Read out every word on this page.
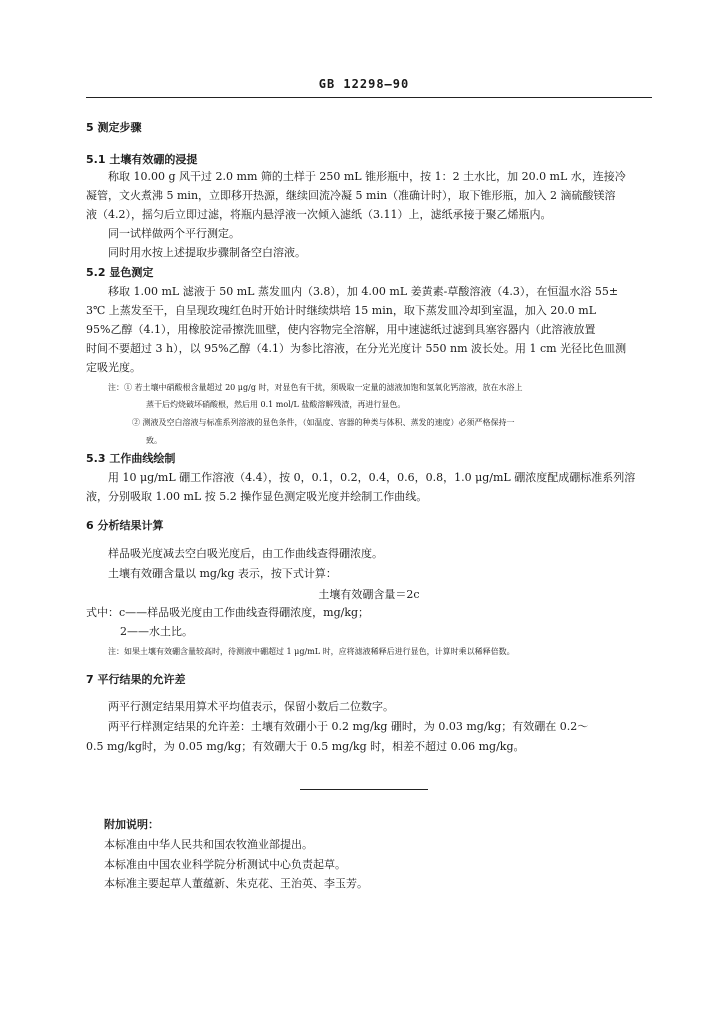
GB 12298—90
5 测定步骤
5.1 土壤有效硼的浸提
称取 10.00 g 风干过 2.0 mm 筛的土样于 250 mL 锥形瓶中，按 1：2 土水比，加 20.0 mL 水，连接冷
凝管，文火煮沸 5 min，立即移开热源，继续回流冷凝 5 min（准确计时），取下锥形瓶，加入 2 滴硫酸镁溶
液（4.2），摇匀后立即过滤，将瓶内悬浮液一次倾入滤纸（3.11）上，滤纸承接于聚乙烯瓶内。
同一试样做两个平行测定。
同时用水按上述提取步骤制备空白溶液。
5.2 显色测定
移取 1.00 mL 滤液于 50 mL 蒸发皿内（3.8），加 4.00 mL 姜黄素-草酸溶液（4.3），在恒温水浴 55±
3℃ 上蒸发至干，自呈现玫瑰红色时开始计时继续烘培 15 min，取下蒸发皿冷却到室温，加入 20.0 mL
95%乙醇（4.1），用橡胶淀帚擦洗皿壁，使内容物完全溶解，用中速滤纸过滤到具塞容器内（此溶液放置
时间不要超过 3 h），以 95%乙醇（4.1）为参比溶液，在分光光度计 550 nm 波长处。用 1 cm 光径比色皿测
定吸光度。
注：① 若土壤中硝酸根含量超过 20 μg/g 时，对显色有干扰，须吸取一定量的滤液加饱和氢氧化钙溶液，放在水浴上
蒸干后灼烧破坏硝酸根，然后用 0.1 mol/L 盐酸溶解残渣，再进行显色。
② 测液及空白溶液与标准系列溶液的显色条件，（如温度、容器的种类与体积、蒸发的速度）必须严格保持一
致。
5.3 工作曲线绘制
用 10 μg/mL 硼工作溶液（4.4），按 0，0.1，0.2，0.4，0.6，0.8，1.0 μg/mL 硼浓度配成硼标准系列溶
液，分别吸取 1.00 mL 按 5.2 操作显色测定吸光度并绘制工作曲线。
6 分析结果计算
样品吸光度减去空白吸光度后，由工作曲线查得硼浓度。
土壤有效硼含量以 mg/kg 表示，按下式计算：
土壤有效硼含量＝2c
式中：c——样品吸光度由工作曲线查得硼浓度，mg/kg；
2——水土比。
注：如果土壤有效硼含量较高时，待测液中硼超过 1 μg/mL 时，应将滤液稀释后进行显色，计算时乘以稀释倍数。
7 平行结果的允许差
两平行测定结果用算术平均值表示，保留小数后二位数字。
两平行样测定结果的允许差：土壤有效硼小于 0.2 mg/kg 硼时，为 0.03 mg/kg；有效硼在 0.2～
0.5 mg/kg时，为 0.05 mg/kg；有效硼大于 0.5 mg/kg 时，相差不超过 0.06 mg/kg。
附加说明：
本标准由中华人民共和国农牧渔业部提出。
本标准由中国农业科学院分析测试中心负责起草。
本标准主要起草人董蕴新、朱克花、王治英、李玉芳。
